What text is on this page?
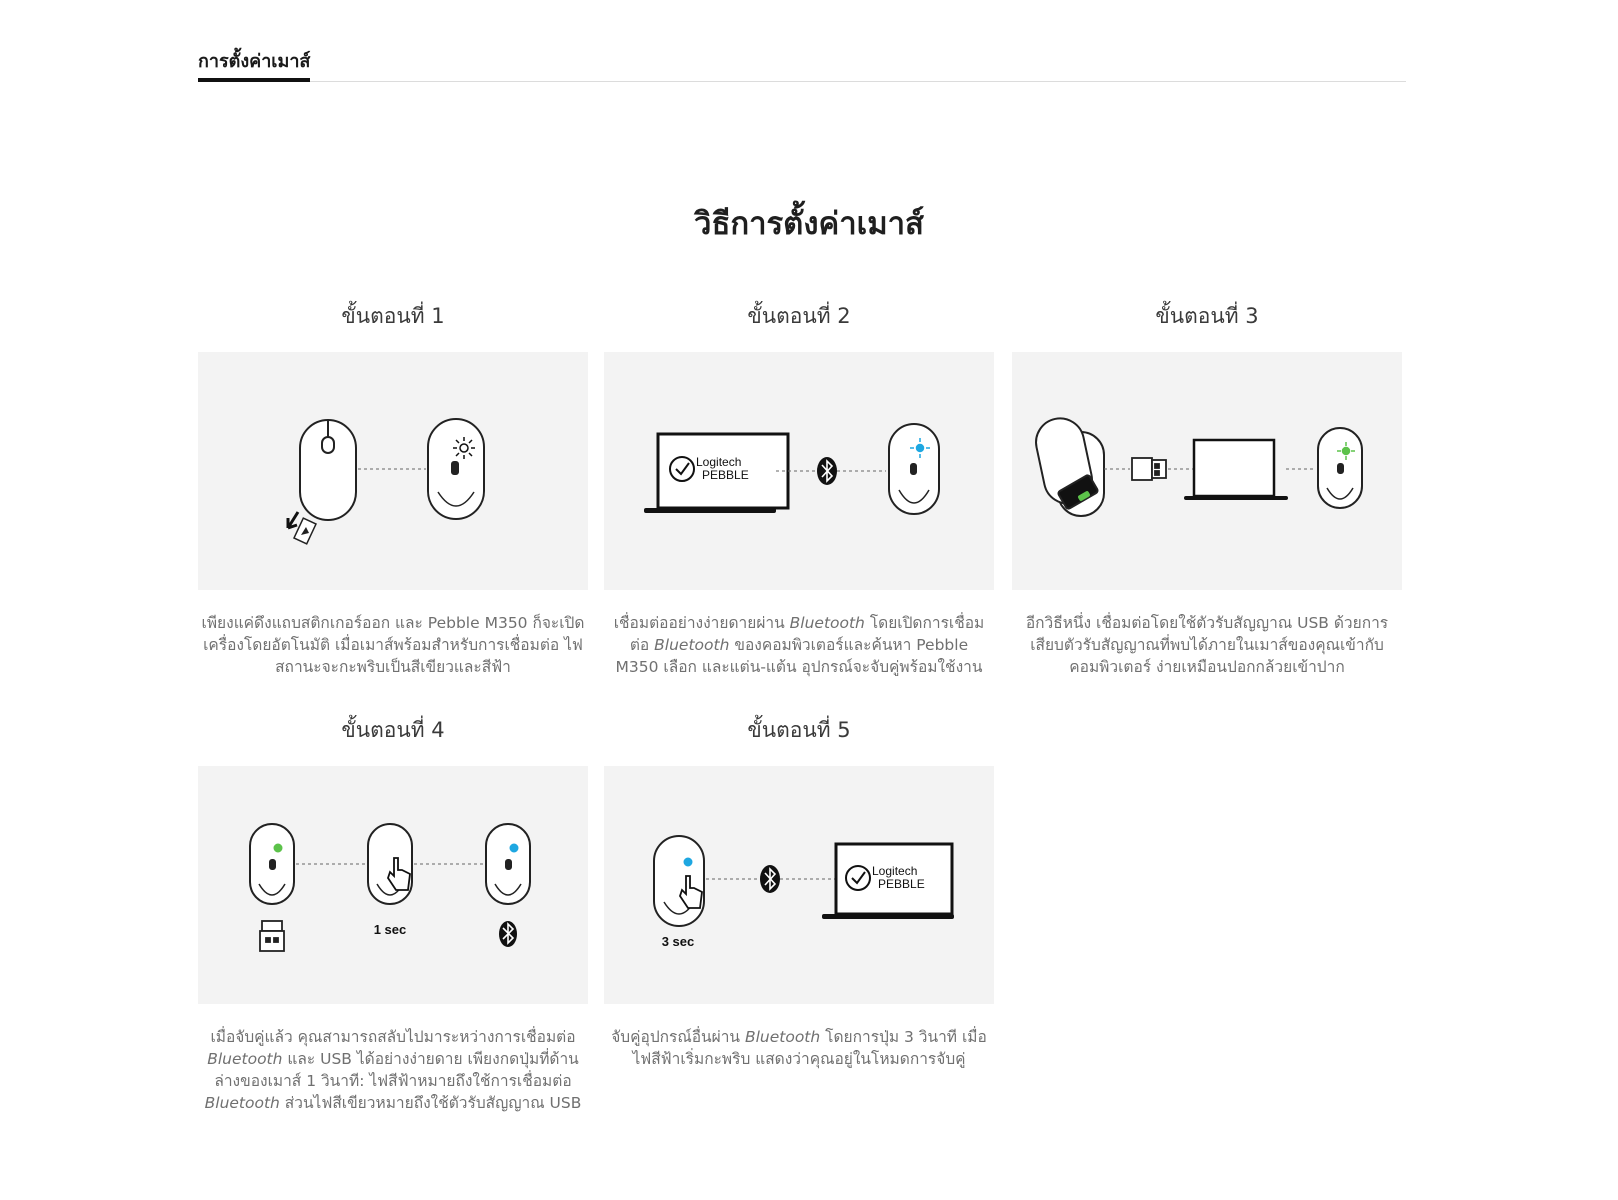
การตั้งค่าเมาส์
วิธีการตั้งค่าเมาส์
ขั้นตอนที่ 1

เพียงแค่ดึงแถบสติกเกอร์ออก และ Pebble M350 ก็จะเปิดเครื่องโดยอัตโนมัติ เมื่อเมาส์พร้อมสำหรับการเชื่อมต่อ ไฟสถานะจะกะพริบเป็นสีเขียวและสีฟ้า

ขั้นตอนที่ 2
Logitech
PEBBLE

เชื่อมต่ออย่างง่ายดายผ่าน Bluetooth โดยเปิดการเชื่อมต่อ Bluetooth ของคอมพิวเตอร์และค้นหา Pebble M350 เลือก และแต่น-แต้น อุปกรณ์จะจับคู่พร้อมใช้งาน

ขั้นตอนที่ 3

อีกวิธีหนึ่ง เชื่อมต่อโดยใช้ตัวรับสัญญาณ USB ด้วยการเสียบตัวรับสัญญาณที่พบได้ภายในเมาส์ของคุณเข้ากับคอมพิวเตอร์ ง่ายเหมือนปอกกล้วยเข้าปาก

ขั้นตอนที่ 4
1 sec

เมื่อจับคู่แล้ว คุณสามารถสลับไปมาระหว่างการเชื่อมต่อ Bluetooth และ USB ได้อย่างง่ายดาย เพียงกดปุ่มที่ด้านล่างของเมาส์ 1 วินาที: ไฟสีฟ้าหมายถึงใช้การเชื่อมต่อ Bluetooth ส่วนไฟสีเขียวหมายถึงใช้ตัวรับสัญญาณ USB

ขั้นตอนที่ 5
3 sec
Logitech
PEBBLE

จับคู่อุปกรณ์อื่นผ่าน Bluetooth โดยการปุ่ม 3 วินาที เมื่อไฟสีฟ้าเริ่มกะพริบ แสดงว่าคุณอยู่ในโหมดการจับคู่
